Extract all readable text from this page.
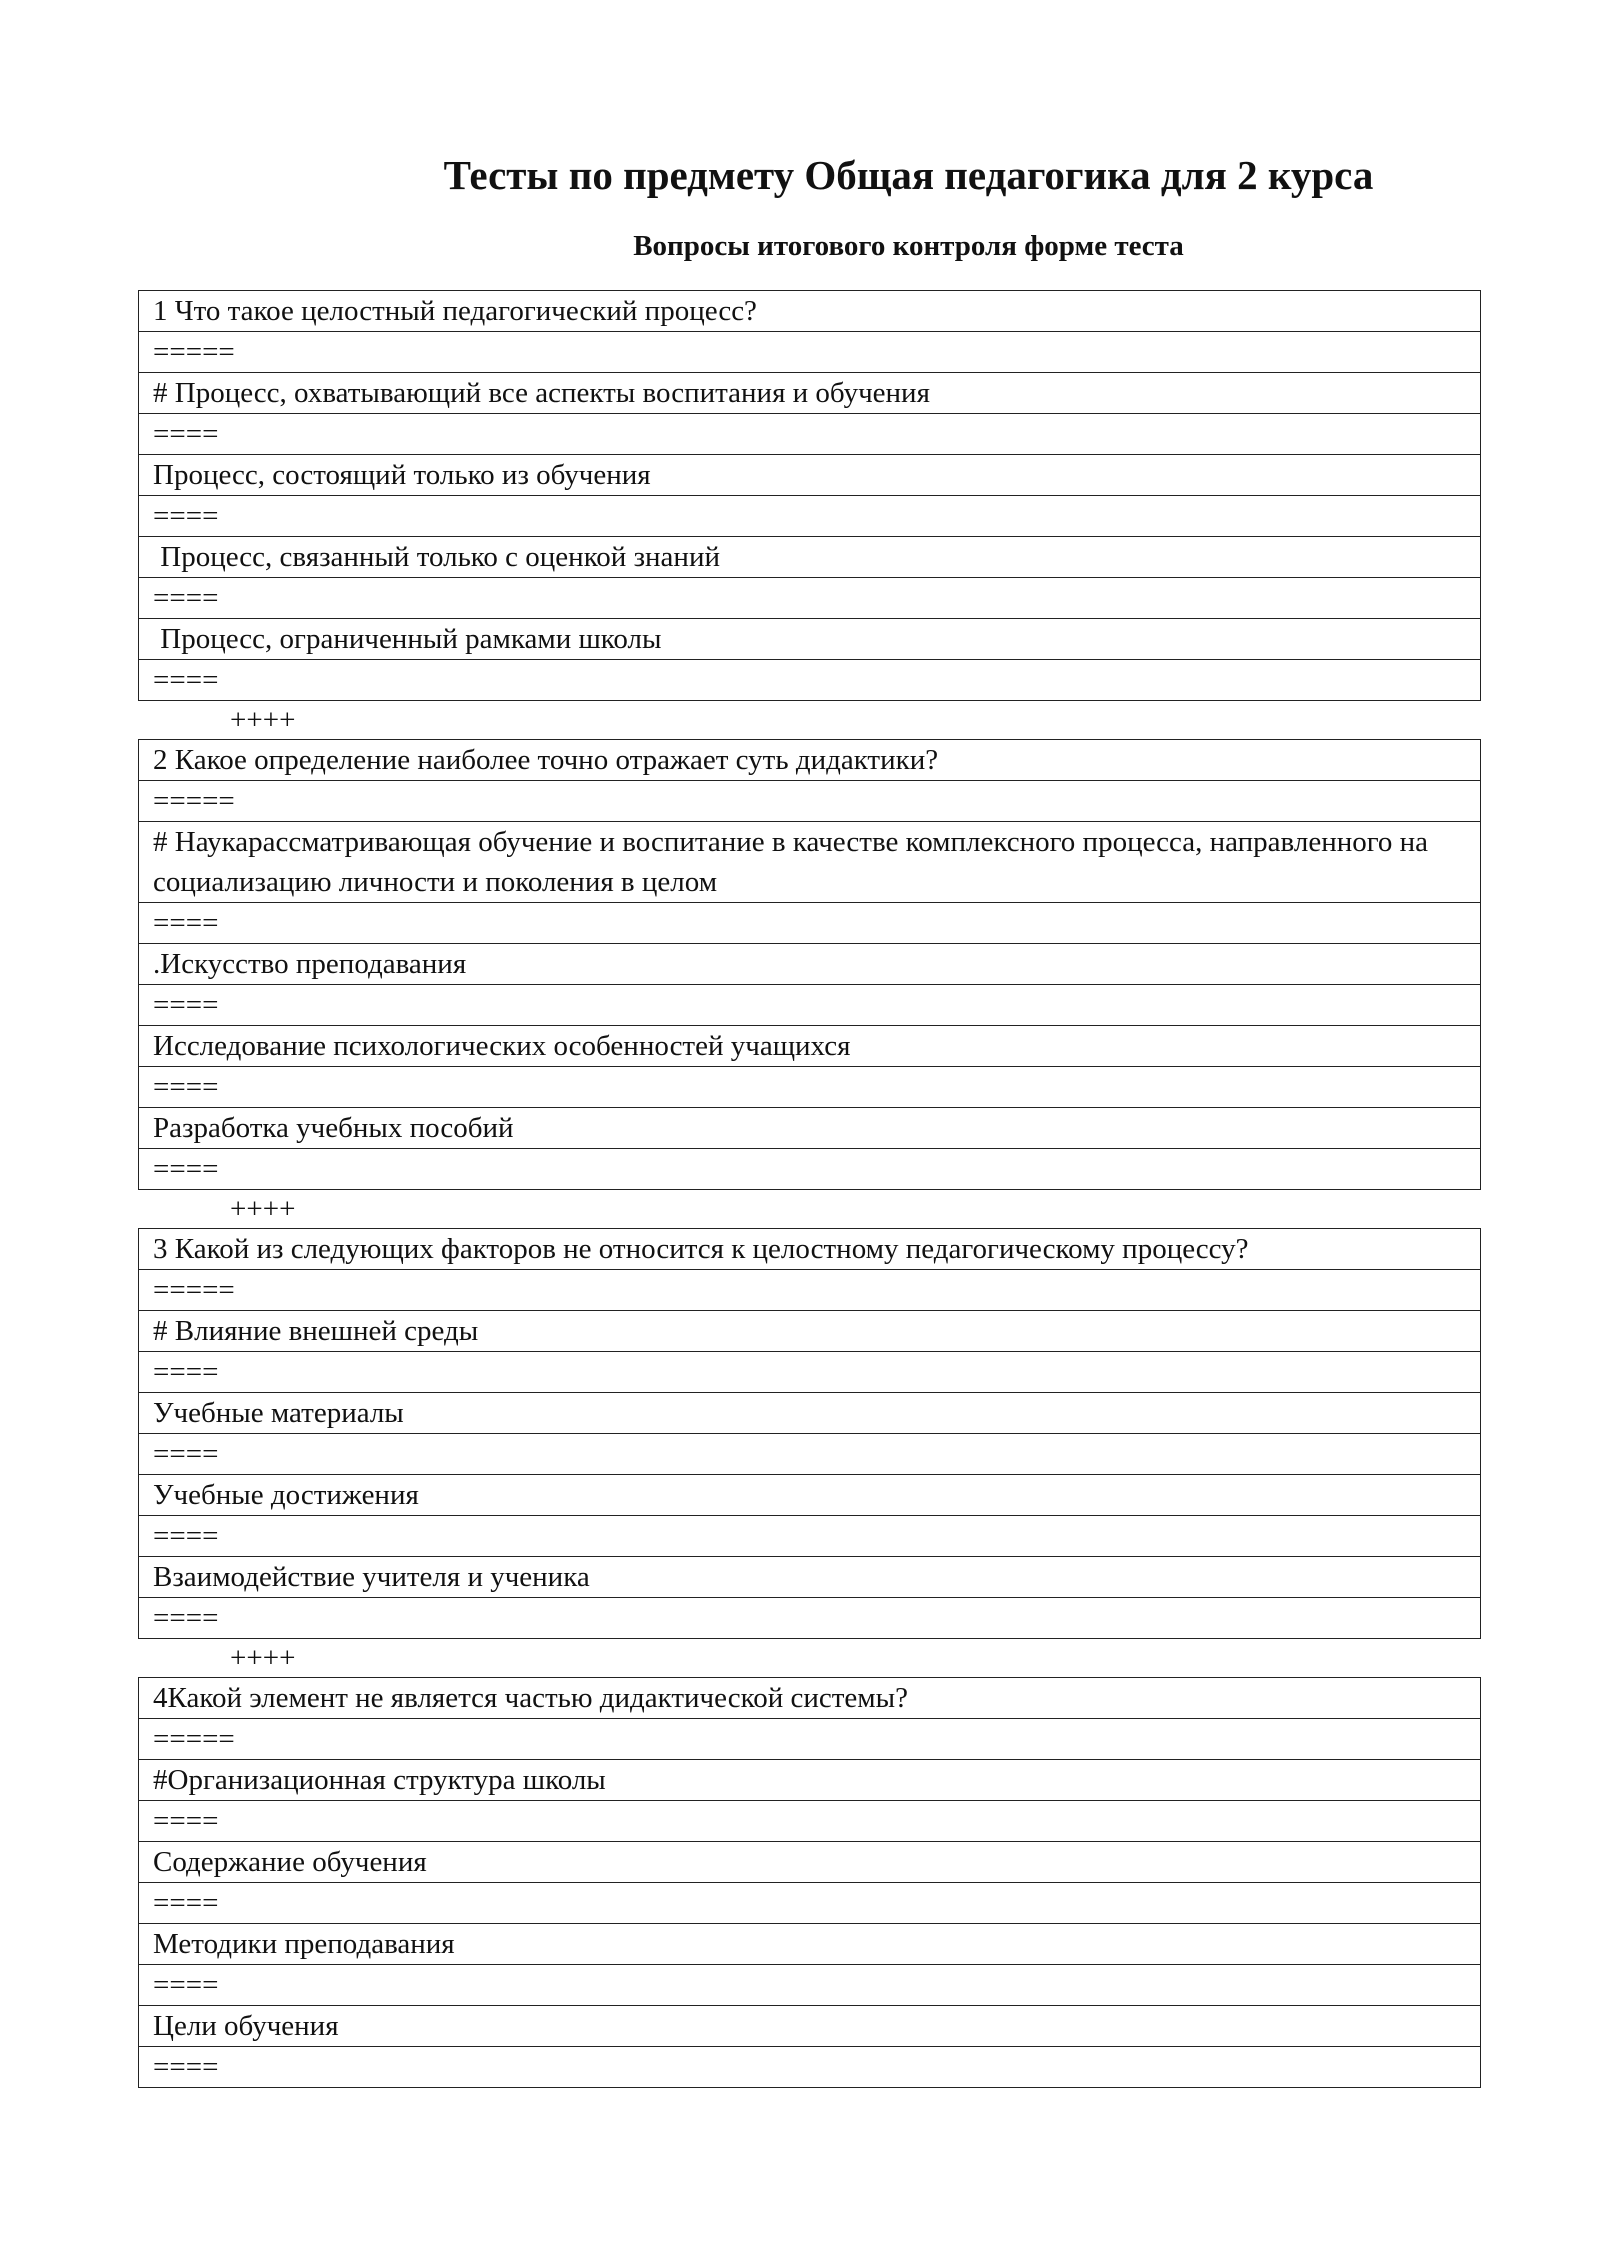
Тесты по предмету Общая педагогика для 2 курса
Вопросы итогового контроля форме теста
1 Что такое целостный педагогический процесс?
=====
# Процесс, охватывающий все аспекты воспитания и обучения
====
Процесс, состоящий только из обучения
====
Процесс, связанный только с оценкой знаний
====
Процесс, ограниченный рамками школы
====
++++
2 Какое определение наиболее точно отражает суть дидактики?
=====
# Наукарассматривающая обучение и воспитание в качестве комплексного процесса, направленного на социализацию личности и поколения в целом
====
.Искусство преподавания
====
Исследование психологических особенностей учащихся
====
Разработка учебных пособий
====
++++
3 Какой из следующих факторов не относится к целостному педагогическому процессу?
=====
# Влияние внешней среды
====
Учебные материалы
====
Учебные достижения
====
Взаимодействие учителя и ученика
====
++++
4Какой элемент не является частью дидактической системы?
=====
#Организационная структура школы
====
Содержание обучения
====
Методики преподавания
====
Цели обучения
====
